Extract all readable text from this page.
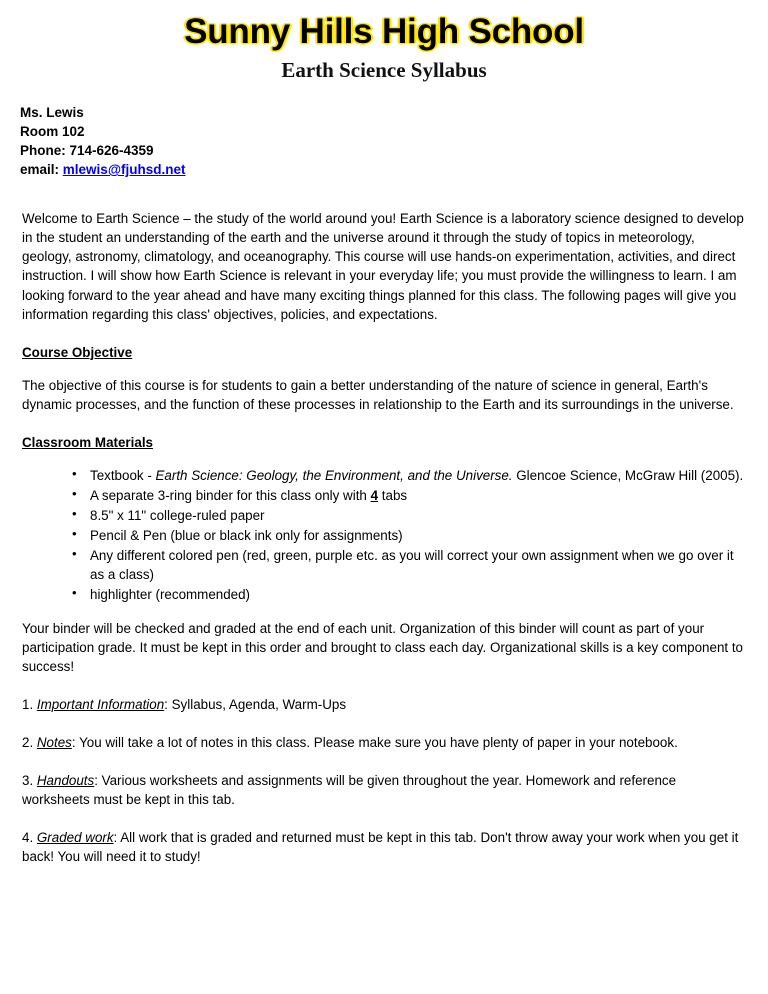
Sunny Hills High School
Earth Science Syllabus
Ms. Lewis
Room 102
Phone: 714-626-4359
email: mlewis@fjuhsd.net

Welcome to Earth Science – the study of the world around you! Earth Science is a laboratory science designed to develop in the student an understanding of the earth and the universe around it through the study of topics in meteorology, geology, astronomy, climatology, and oceanography. This course will use hands-on experimentation, activities, and direct instruction. I will show how Earth Science is relevant in your everyday life; you must provide the willingness to learn. I am looking forward to the year ahead and have many exciting things planned for this class. The following pages will give you information regarding this class' objectives, policies, and expectations.

Course Objective

The objective of this course is for students to gain a better understanding of the nature of science in general, Earth's dynamic processes, and the function of these processes in relationship to the Earth and its surroundings in the universe.

Classroom Materials
• Textbook - Earth Science: Geology, the Environment, and the Universe. Glencoe Science, McGraw Hill (2005).
• A separate 3-ring binder for this class only with 4 tabs
• 8.5" x 11" college-ruled paper
• Pencil & Pen (blue or black ink only for assignments)
• Any different colored pen (red, green, purple etc. as you will correct your own assignment when we go over it as a class)
• highlighter (recommended)

Your binder will be checked and graded at the end of each unit. Organization of this binder will count as part of your participation grade. It must be kept in this order and brought to class each day. Organizational skills is a key component to success!

1. Important Information: Syllabus, Agenda, Warm-Ups

2. Notes: You will take a lot of notes in this class. Please make sure you have plenty of paper in your notebook.

3. Handouts: Various worksheets and assignments will be given throughout the year. Homework and reference worksheets must be kept in this tab.

4. Graded work: All work that is graded and returned must be kept in this tab. Don't throw away your work when you get it back! You will need it to study!
